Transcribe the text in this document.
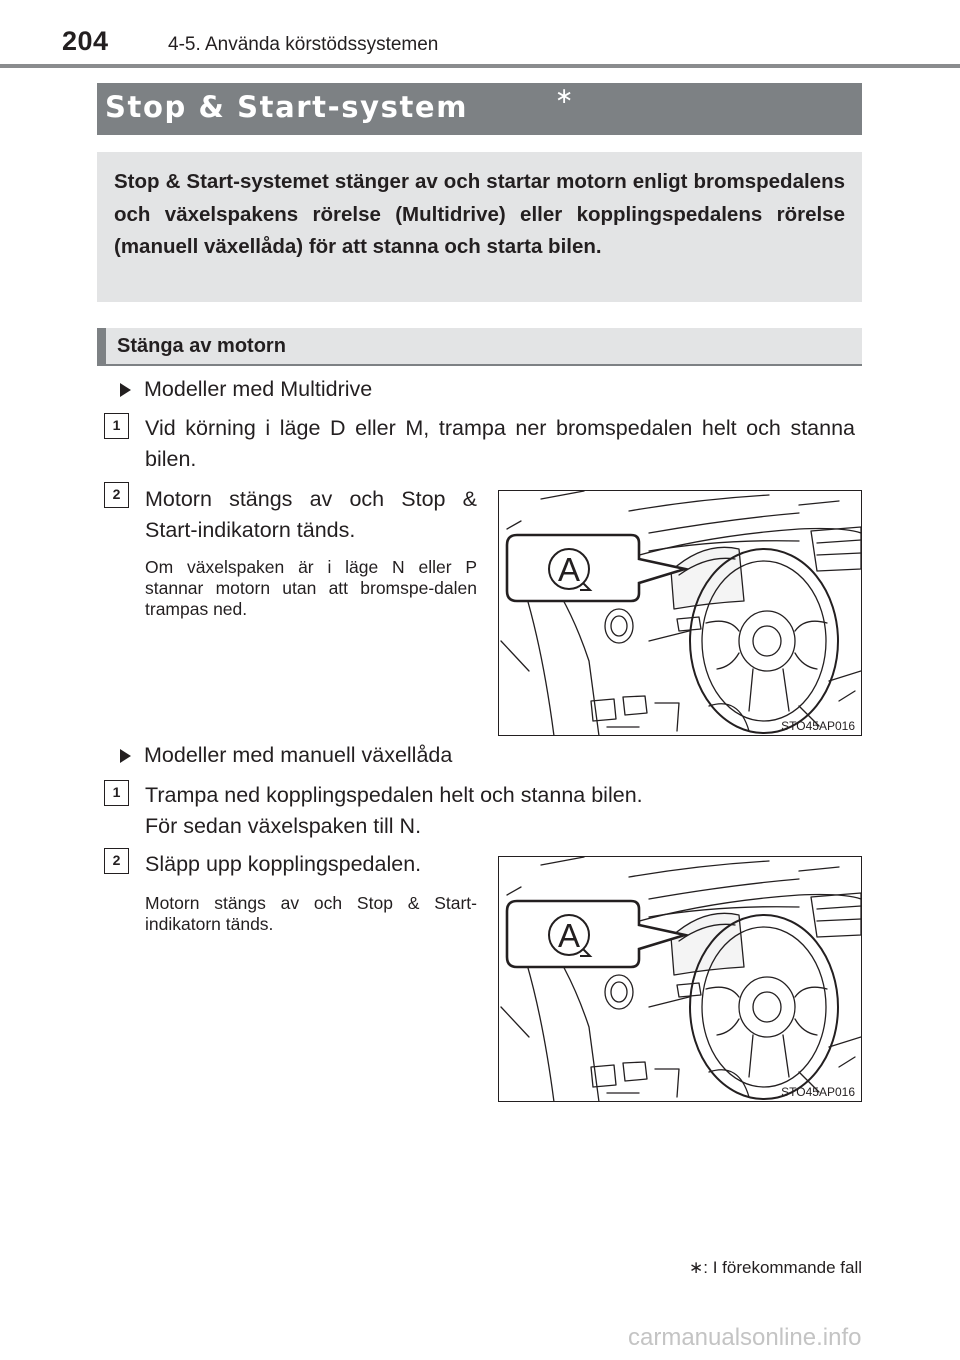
204	4-5. Använda körstödssystemen
Stop & Start-system	∗

Stop & Start-systemet stänger av och startar motorn enligt bromspedalens och växelspakens rörelse (Multidrive) eller kopplingspedalens rörelse (manuell växellåda) för att stanna och starta bilen.

Stänga av motorn
Modeller med Multidrive
1	Vid körning i läge D eller M, trampa ner bromspedalen helt och stanna bilen.
2	Motorn stängs av och Stop & Start-indikatorn tänds.
Om växelspaken är i läge N eller P stannar motorn utan att bromspe-dalen trampas ned.
A
STO45AP016
Modeller med manuell växellåda
1	Trampa ned kopplingspedalen helt och stanna bilen.
För sedan växelspaken till N.
2	Släpp upp kopplingspedalen.
Motorn stängs av och Stop & Start-indikatorn tänds.	A
STO45AP016
∗: I förekommande fall
carmanualsonline.info
